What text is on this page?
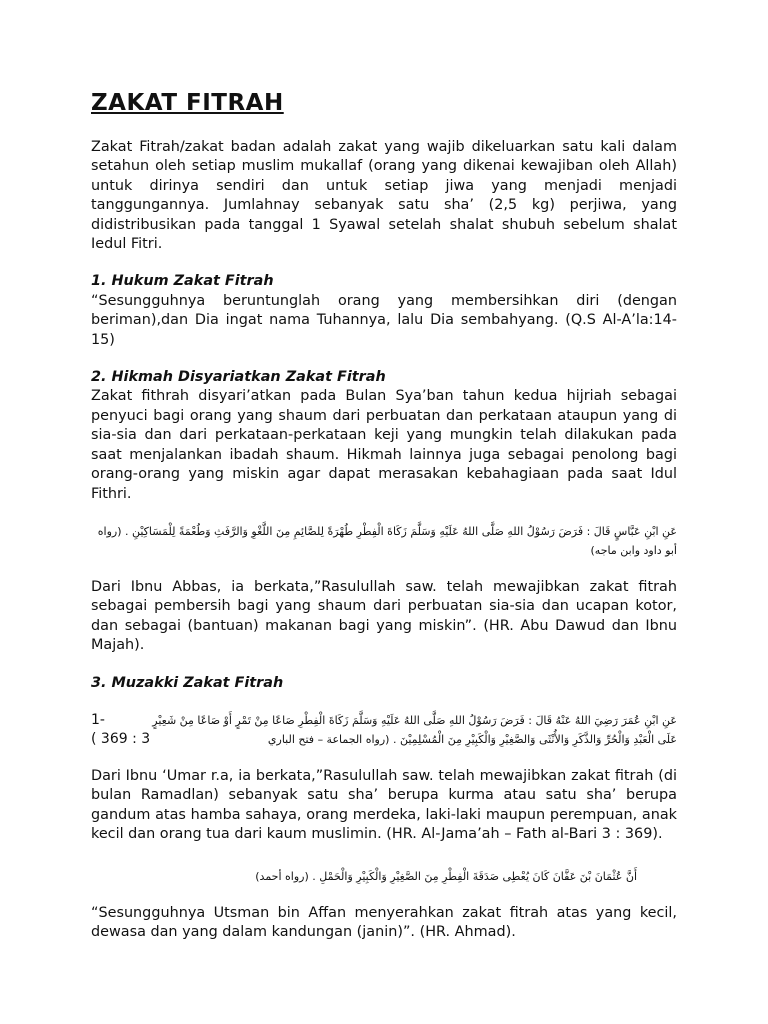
ZAKAT FITRAH

Zakat Fitrah/zakat badan adalah zakat yang wajib dikeluarkan satu kali dalam setahun oleh setiap muslim mukallaf (orang yang dikenai kewajiban oleh Allah) untuk dirinya sendiri dan untuk setiap jiwa yang menjadi menjadi tanggungannya. Jumlahnay sebanyak satu sha’ (2,5 kg) perjiwa, yang didistribusikan pada tanggal 1 Syawal setelah shalat shubuh sebelum shalat Iedul Fitri.

1. Hukum Zakat Fitrah

“Sesungguhnya beruntunglah orang yang membersihkan diri (dengan beriman),dan Dia ingat nama Tuhannya, lalu Dia sembahyang. (Q.S Al-A’la:14-15)

2. Hikmah Disyariatkan Zakat Fitrah

Zakat fithrah disyari’atkan pada Bulan Sya’ban tahun kedua hijriah sebagai penyuci bagi orang yang shaum dari perbuatan dan perkataan ataupun yang di sia-sia dan dari perkataan-perkataan keji yang mungkin telah dilakukan pada saat menjalankan ibadah shaum. Hikmah lainnya juga sebagai penolong bagi orang-orang yang miskin agar dapat merasakan kebahagiaan pada saat Idul Fithri.

عَنِ ابْنِ عَبَّاسٍ قَالَ : فَرَضَ رَسُوْلُ اللهِ صَلَّى اللهُ عَلَيْهِ وَسَلَّمَ زَكَاةَ الْفِطْرِ طُهْرَةً لِلصَّائِمِ مِنَ اللَّغْوِ وَالرَّفَثِ وَطُعْمَةً لِلْمَسَاكِيْنِ . (رواه
أبو داود وابن ماجه)

Dari Ibnu Abbas, ia berkata,”Rasulullah saw. telah mewajibkan zakat fitrah sebagai pembersih bagi yang shaum dari perbuatan sia-sia dan ucapan kotor, dan sebagai (bantuan) makanan bagi yang miskin”. (HR. Abu Dawud dan Ibnu Majah).

3. Muzakki Zakat Fitrah

عَنِ ابْنِ عُمَرَ رَضِيَ اللهُ عَنْهُ قَالَ : فَرَضَ رَسُوْلُ اللهِ صَلَّى اللهُ عَلَيْهِ وَسَلَّمَ زَكَاةَ الْفِطْرِ صَاعًا مِنْ تَمْرٍ أَوْ صَاعًا مِنْ شَعِيْرٍ
1-
عَلَى الْعَبْدِ وَالْحُرِّ وَالذَّكَرِ وَالأُنْثَى وَالصَّغِيْرِ وَالْكَبِيْرِ مِنَ الْمُسْلِمِيْنَ . (رواه الجماعة – فتح الباري
( 369 : 3

Dari Ibnu ‘Umar r.a, ia berkata,”Rasulullah saw. telah mewajibkan zakat fitrah (di bulan Ramadlan) sebanyak satu sha’ berupa kurma atau satu sha’ berupa gandum atas hamba sahaya, orang merdeka, laki-laki maupun perempuan, anak kecil dan orang tua dari kaum muslimin. (HR. Al-Jama’ah – Fath al-Bari 3 : 369).

أَنَّ عُثْمَانَ بْنَ عَفَّانَ كَانَ يُعْطِى صَدَقَةَ الْفِطْرِ مِنَ الصَّغِيْرِ وَالْكَبِيْرِ وَالْحَمْلِ . (رواه أحمد)

“Sesungguhnya Utsman bin Affan menyerahkan zakat fitrah atas yang kecil, dewasa dan yang dalam kandungan (janin)”. (HR. Ahmad).
